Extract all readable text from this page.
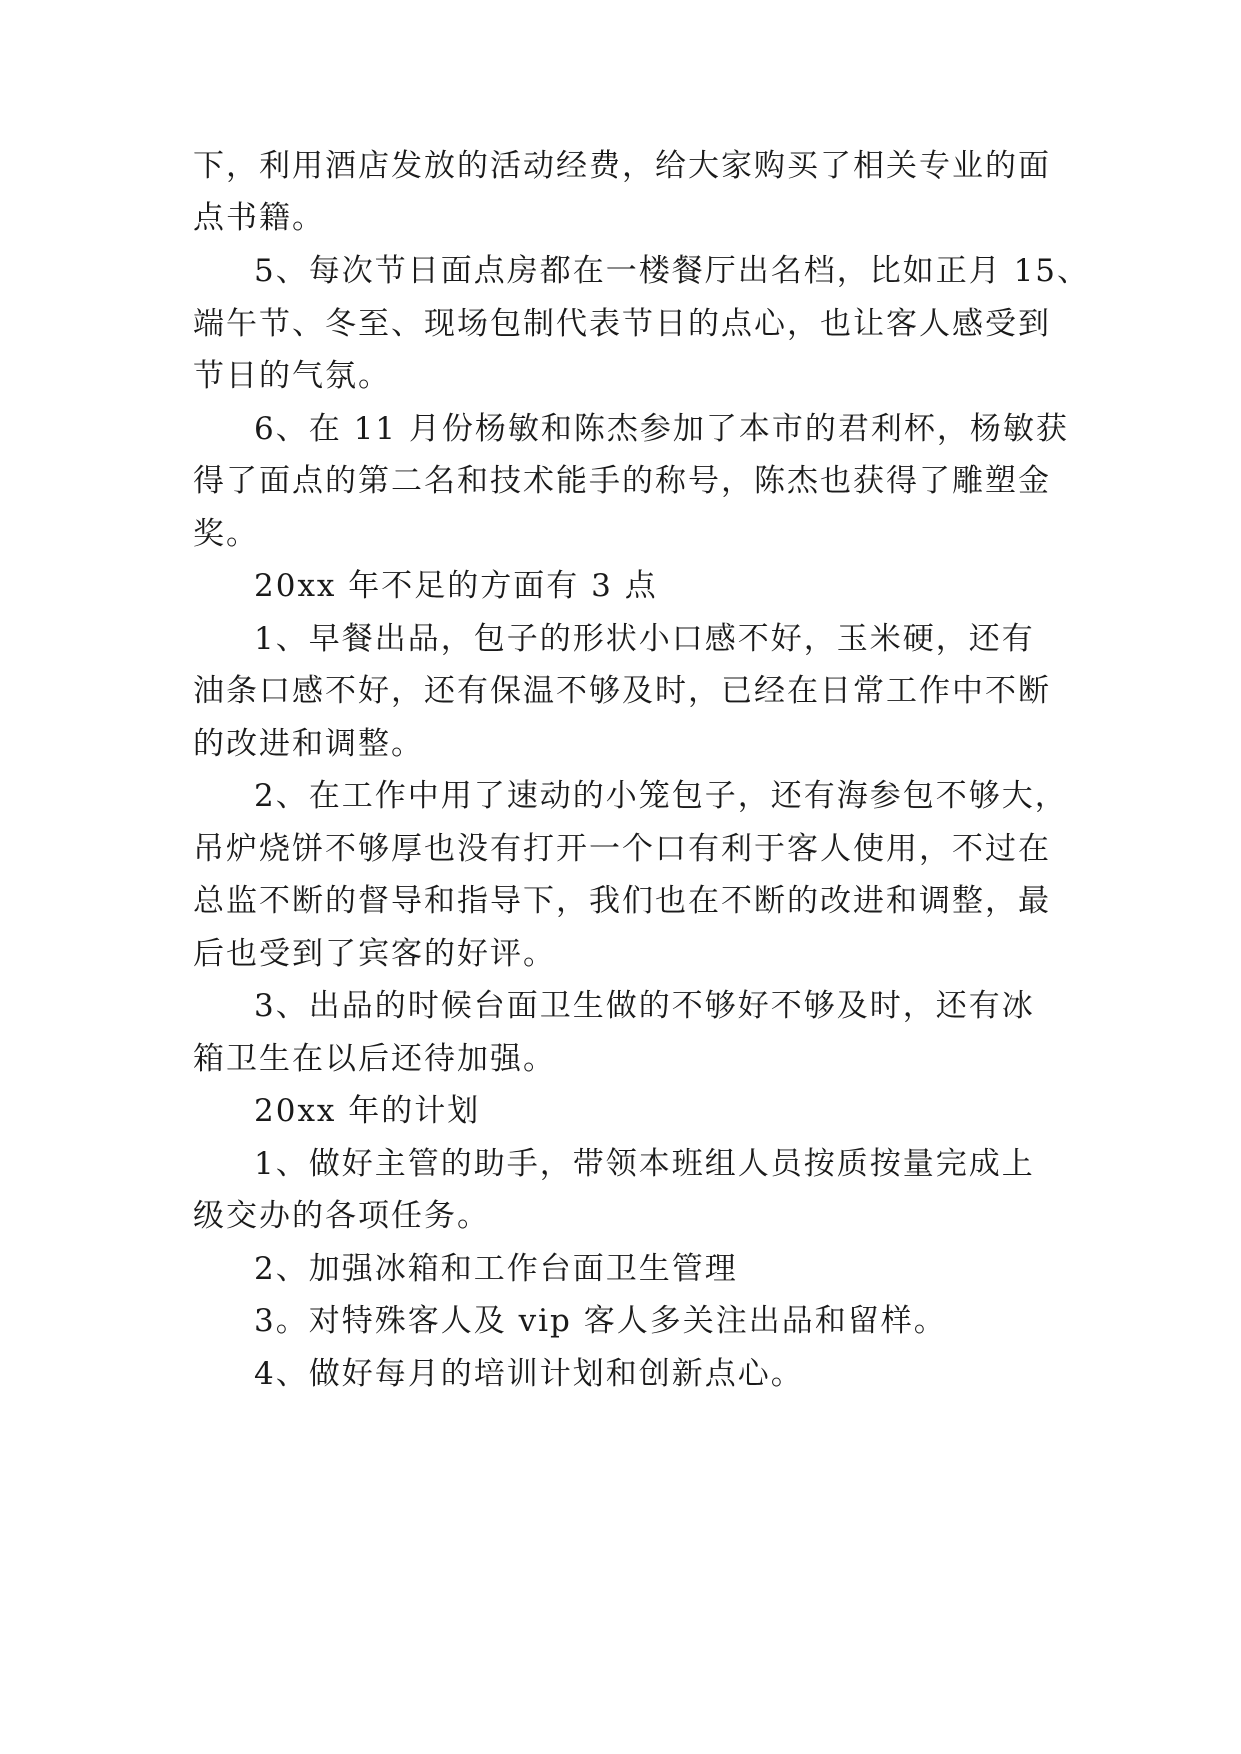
下，利用酒店发放的活动经费，给大家购买了相关专业的面
点书籍。
5、每次节日面点房都在一楼餐厅出名档，比如正月 15、
端午节、冬至、现场包制代表节日的点心，也让客人感受到
节日的气氛。
6、在 11 月份杨敏和陈杰参加了本市的君利杯，杨敏获
得了面点的第二名和技术能手的称号，陈杰也获得了雕塑金
奖。
20xx 年不足的方面有 3 点
1、早餐出品，包子的形状小口感不好，玉米硬，还有
油条口感不好，还有保温不够及时，已经在日常工作中不断
的改进和调整。
2、在工作中用了速动的小笼包子，还有海参包不够大，
吊炉烧饼不够厚也没有打开一个口有利于客人使用，不过在
总监不断的督导和指导下，我们也在不断的改进和调整，最
后也受到了宾客的好评。
3、出品的时候台面卫生做的不够好不够及时，还有冰
箱卫生在以后还待加强。
20xx 年的计划
1、做好主管的助手，带领本班组人员按质按量完成上
级交办的各项任务。
2、加强冰箱和工作台面卫生管理
3。对特殊客人及 vip 客人多关注出品和留样。
4、做好每月的培训计划和创新点心。
